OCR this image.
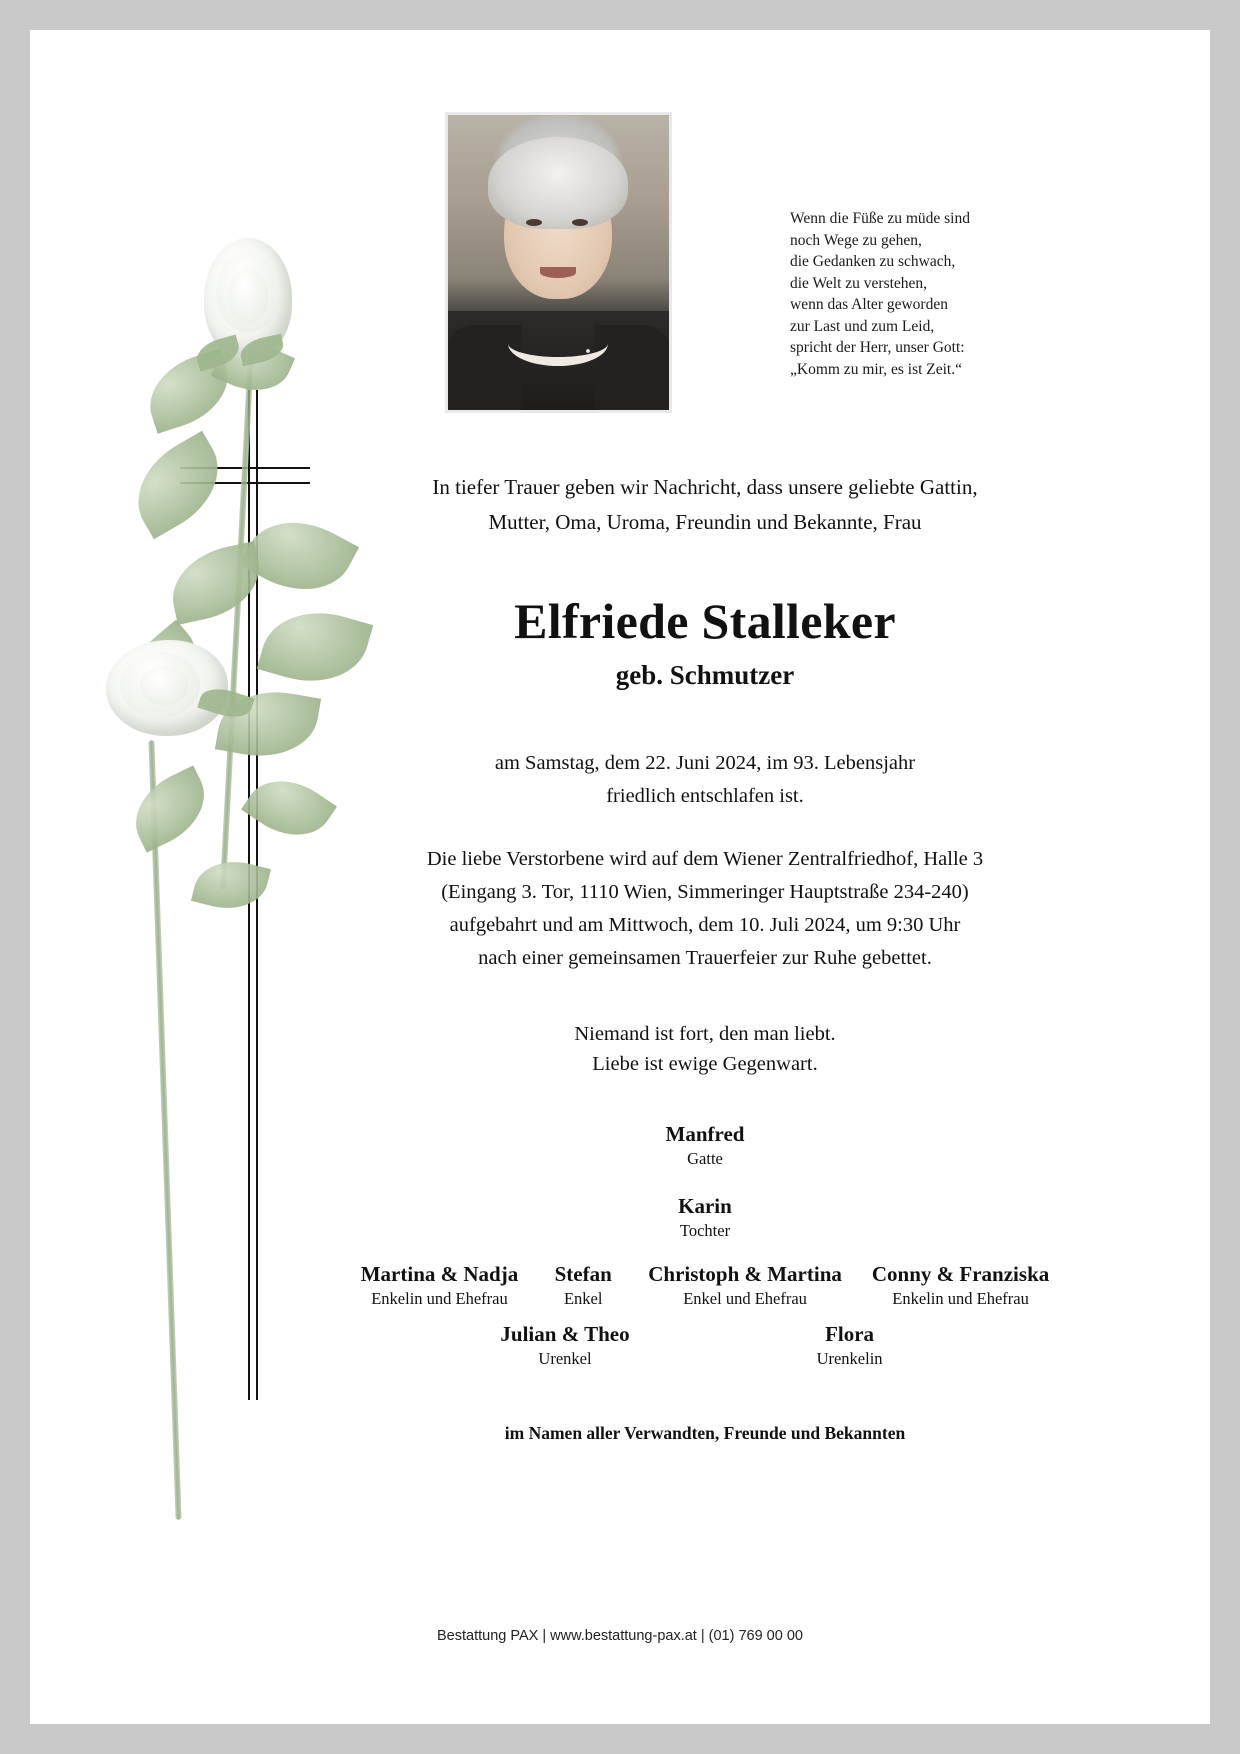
Wenn die Füße zu müde sind
noch Wege zu gehen,
die Gedanken zu schwach,
die Welt zu verstehen,
wenn das Alter geworden
zur Last und zum Leid,
spricht der Herr, unser Gott:
„Komm zu mir, es ist Zeit.“
In tiefer Trauer geben wir Nachricht, dass unsere geliebte Gattin,
Mutter, Oma, Uroma, Freundin und Bekannte, Frau
Elfriede Stalleker
geb. Schmutzer
am Samstag, dem 22. Juni 2024, im 93. Lebensjahr
friedlich entschlafen ist.
Die liebe Verstorbene wird auf dem Wiener Zentralfriedhof, Halle 3
(Eingang 3. Tor, 1110 Wien, Simmeringer Hauptstraße 234-240)
aufgebahrt und am Mittwoch, dem 10. Juli 2024, um 9:30 Uhr
nach einer gemeinsamen Trauerfeier zur Ruhe gebettet.
Niemand ist fort, den man liebt.
Liebe ist ewige Gegenwart.
Manfred
Gatte
Karin
Tochter
Martina & Nadja
Enkelin und Ehefrau
Stefan
Enkel
Christoph & Martina
Enkel und Ehefrau
Conny & Franziska
Enkelin und Ehefrau
Julian & Theo
Urenkel
Flora
Urenkelin
im Namen aller Verwandten, Freunde und Bekannten
Bestattung PAX | www.bestattung-pax.at | (01) 769 00 00
